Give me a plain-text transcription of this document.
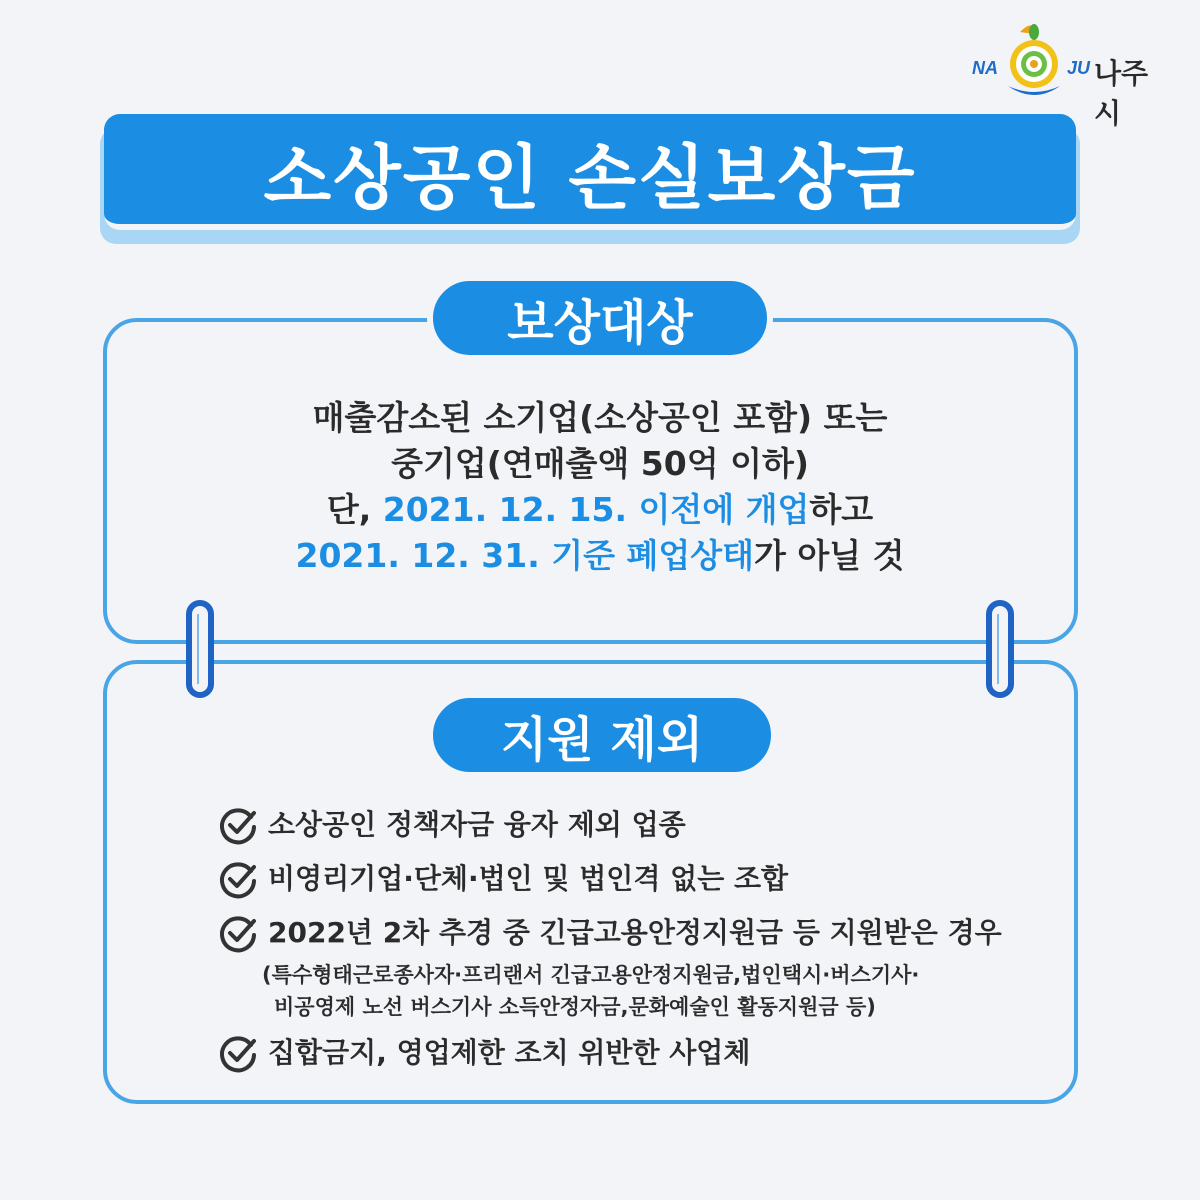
NA	JU 나주시
소상공인 손실보상금
보상대상
매출감소된 소기업(소상공인 포함) 또는
중기업(연매출액 50억 이하)
단, 2021. 12. 15. 이전에 개업하고
2021. 12. 31. 기준 폐업상태가 아닐 것
지원 제외
소상공인 정책자금 융자 제외 업종
비영리기업·단체·법인 및 법인격 없는 조합
2022년 2차 추경 중 긴급고용안정지원금 등 지원받은 경우
(특수형태근로종사자·프리랜서 긴급고용안정지원금,법인택시·버스기사·
비공영제 노선 버스기사 소득안정자금,문화예술인 활동지원금 등)
집합금지, 영업제한 조치 위반한 사업체
